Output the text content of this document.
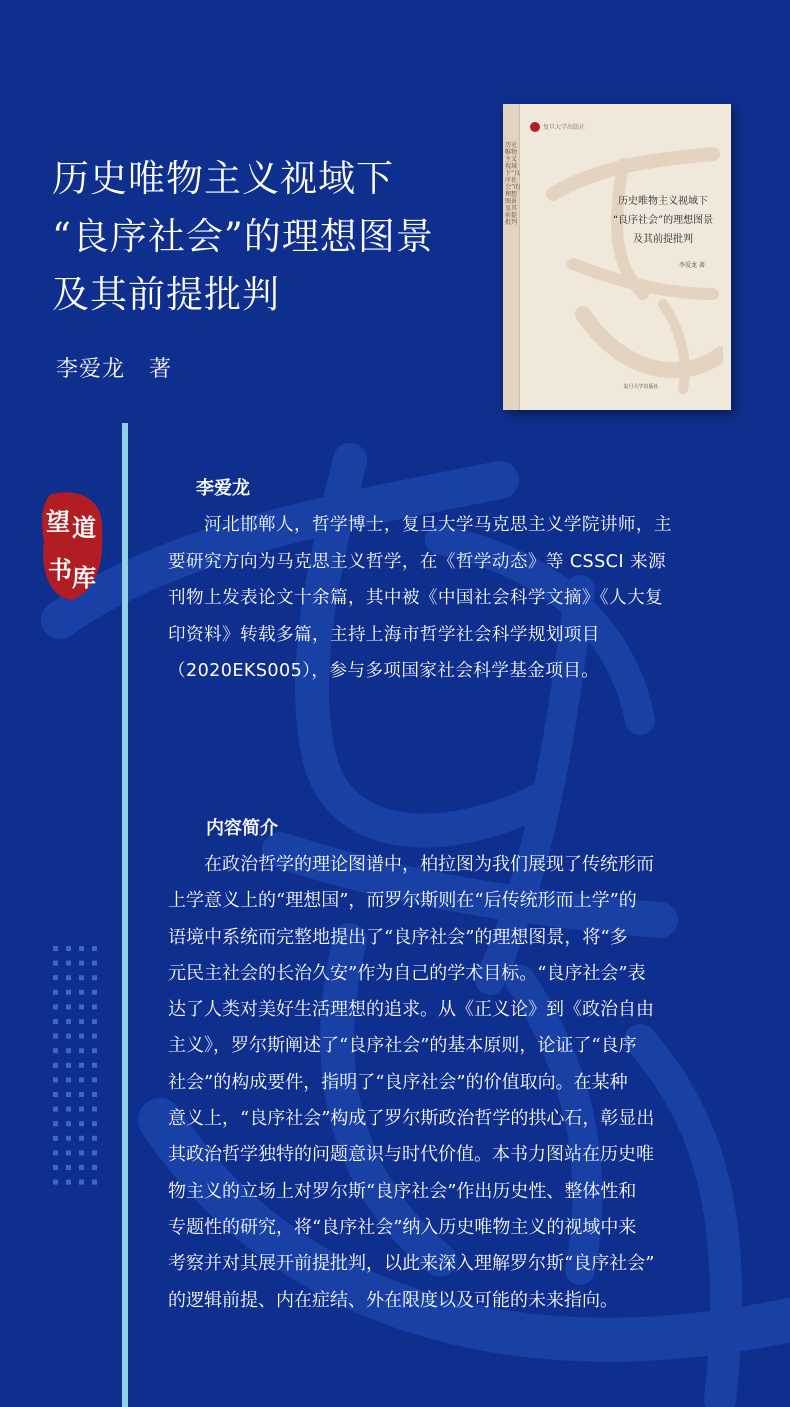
历史唯物主义视域下
“良序社会”的理想图景
及其前提批判
李爱龙   著
历史唯物主义视域下“良序社会”的理想图景及其前提批判
复旦大学出版社
历史唯物主义视域下
“良序社会”的理想图景
及其前提批判
李爱龙 著
复旦大学出版社
望 道
书 库
李爱龙
　　河北邯郸人，哲学博士，复旦大学马克思主义学院讲师，主
要研究方向为马克思主义哲学，在《哲学动态》等 CSSCI 来源
刊物上发表论文十余篇，其中被《中国社会科学文摘》《人大复
印资料》转载多篇，主持上海市哲学社会科学规划项目
（2020EKS005），参与多项国家社会科学基金项目。
内容简介
　　在政治哲学的理论图谱中，柏拉图为我们展现了传统形而
上学意义上的“理想国”，而罗尔斯则在“后传统形而上学”的
语境中系统而完整地提出了“良序社会”的理想图景，将“多
元民主社会的长治久安”作为自己的学术目标。“良序社会”表
达了人类对美好生活理想的追求。从《正义论》到《政治自由
主义》，罗尔斯阐述了“良序社会”的基本原则，论证了“良序
社会”的构成要件，指明了“良序社会”的价值取向。在某种
意义上，“良序社会”构成了罗尔斯政治哲学的拱心石，彰显出
其政治哲学独特的问题意识与时代价值。本书力图站在历史唯
物主义的立场上对罗尔斯“良序社会”作出历史性、整体性和
专题性的研究，将“良序社会”纳入历史唯物主义的视域中来
考察并对其展开前提批判，以此来深入理解罗尔斯“良序社会”
的逻辑前提、内在症结、外在限度以及可能的未来指向。
